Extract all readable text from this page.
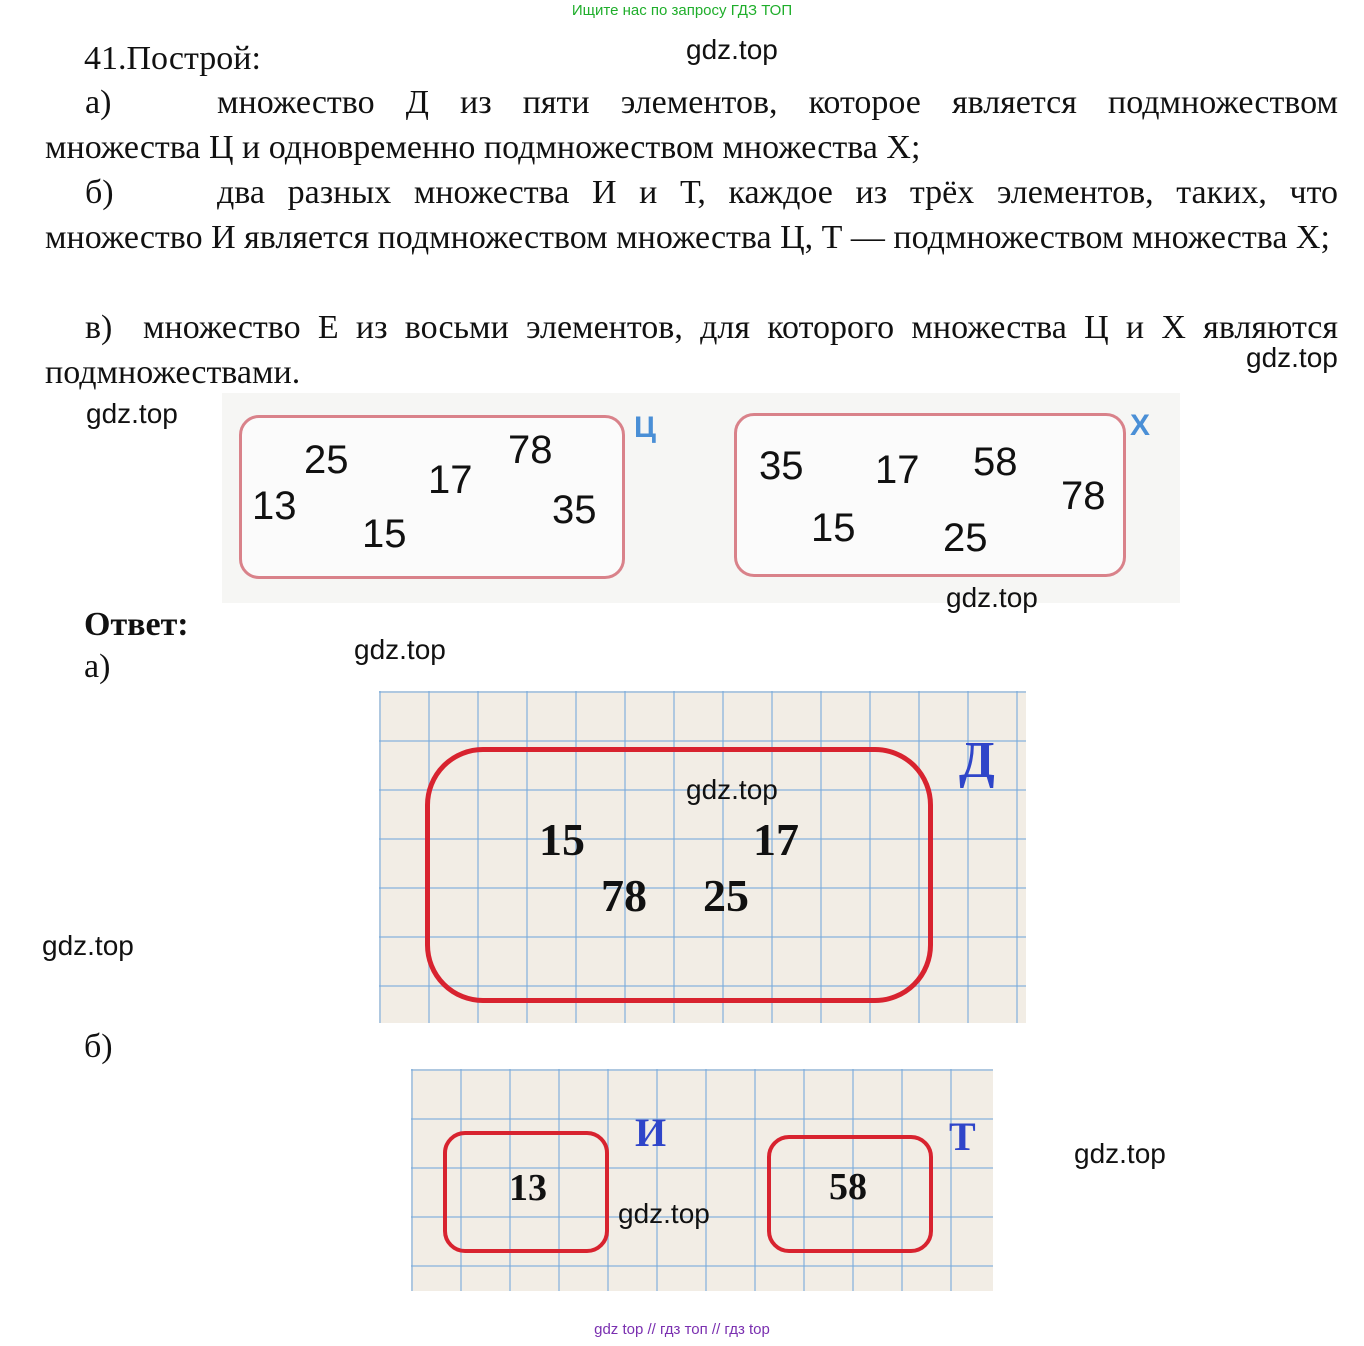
Ищите нас по запросу ГДЗ ТОП
41.Построй:
а)	множество Д из пяти элементов, которое является подмножеством множества Ц и одновременно подмножеством множества Х;
б)	два разных множества И и Т, каждое из трёх элементов, таких, что множество И является подмножеством множества Ц, Т — подмножеством множества Х;
в) множество Е из восьми элементов, для которого множества Ц и Х являются подмножествами.
25	78
17
13	35
15
Ц
35 17 58
78
15 25
Х
Ответ:
а)
15	17
78 25
Д
б)
13
И
58
Т
gdz.top
gdz.top
gdz.top
gdz.top
gdz.top
gdz.top
gdz.top
gdz.top
gdz.top
gdz top // гдз топ // гдз top
